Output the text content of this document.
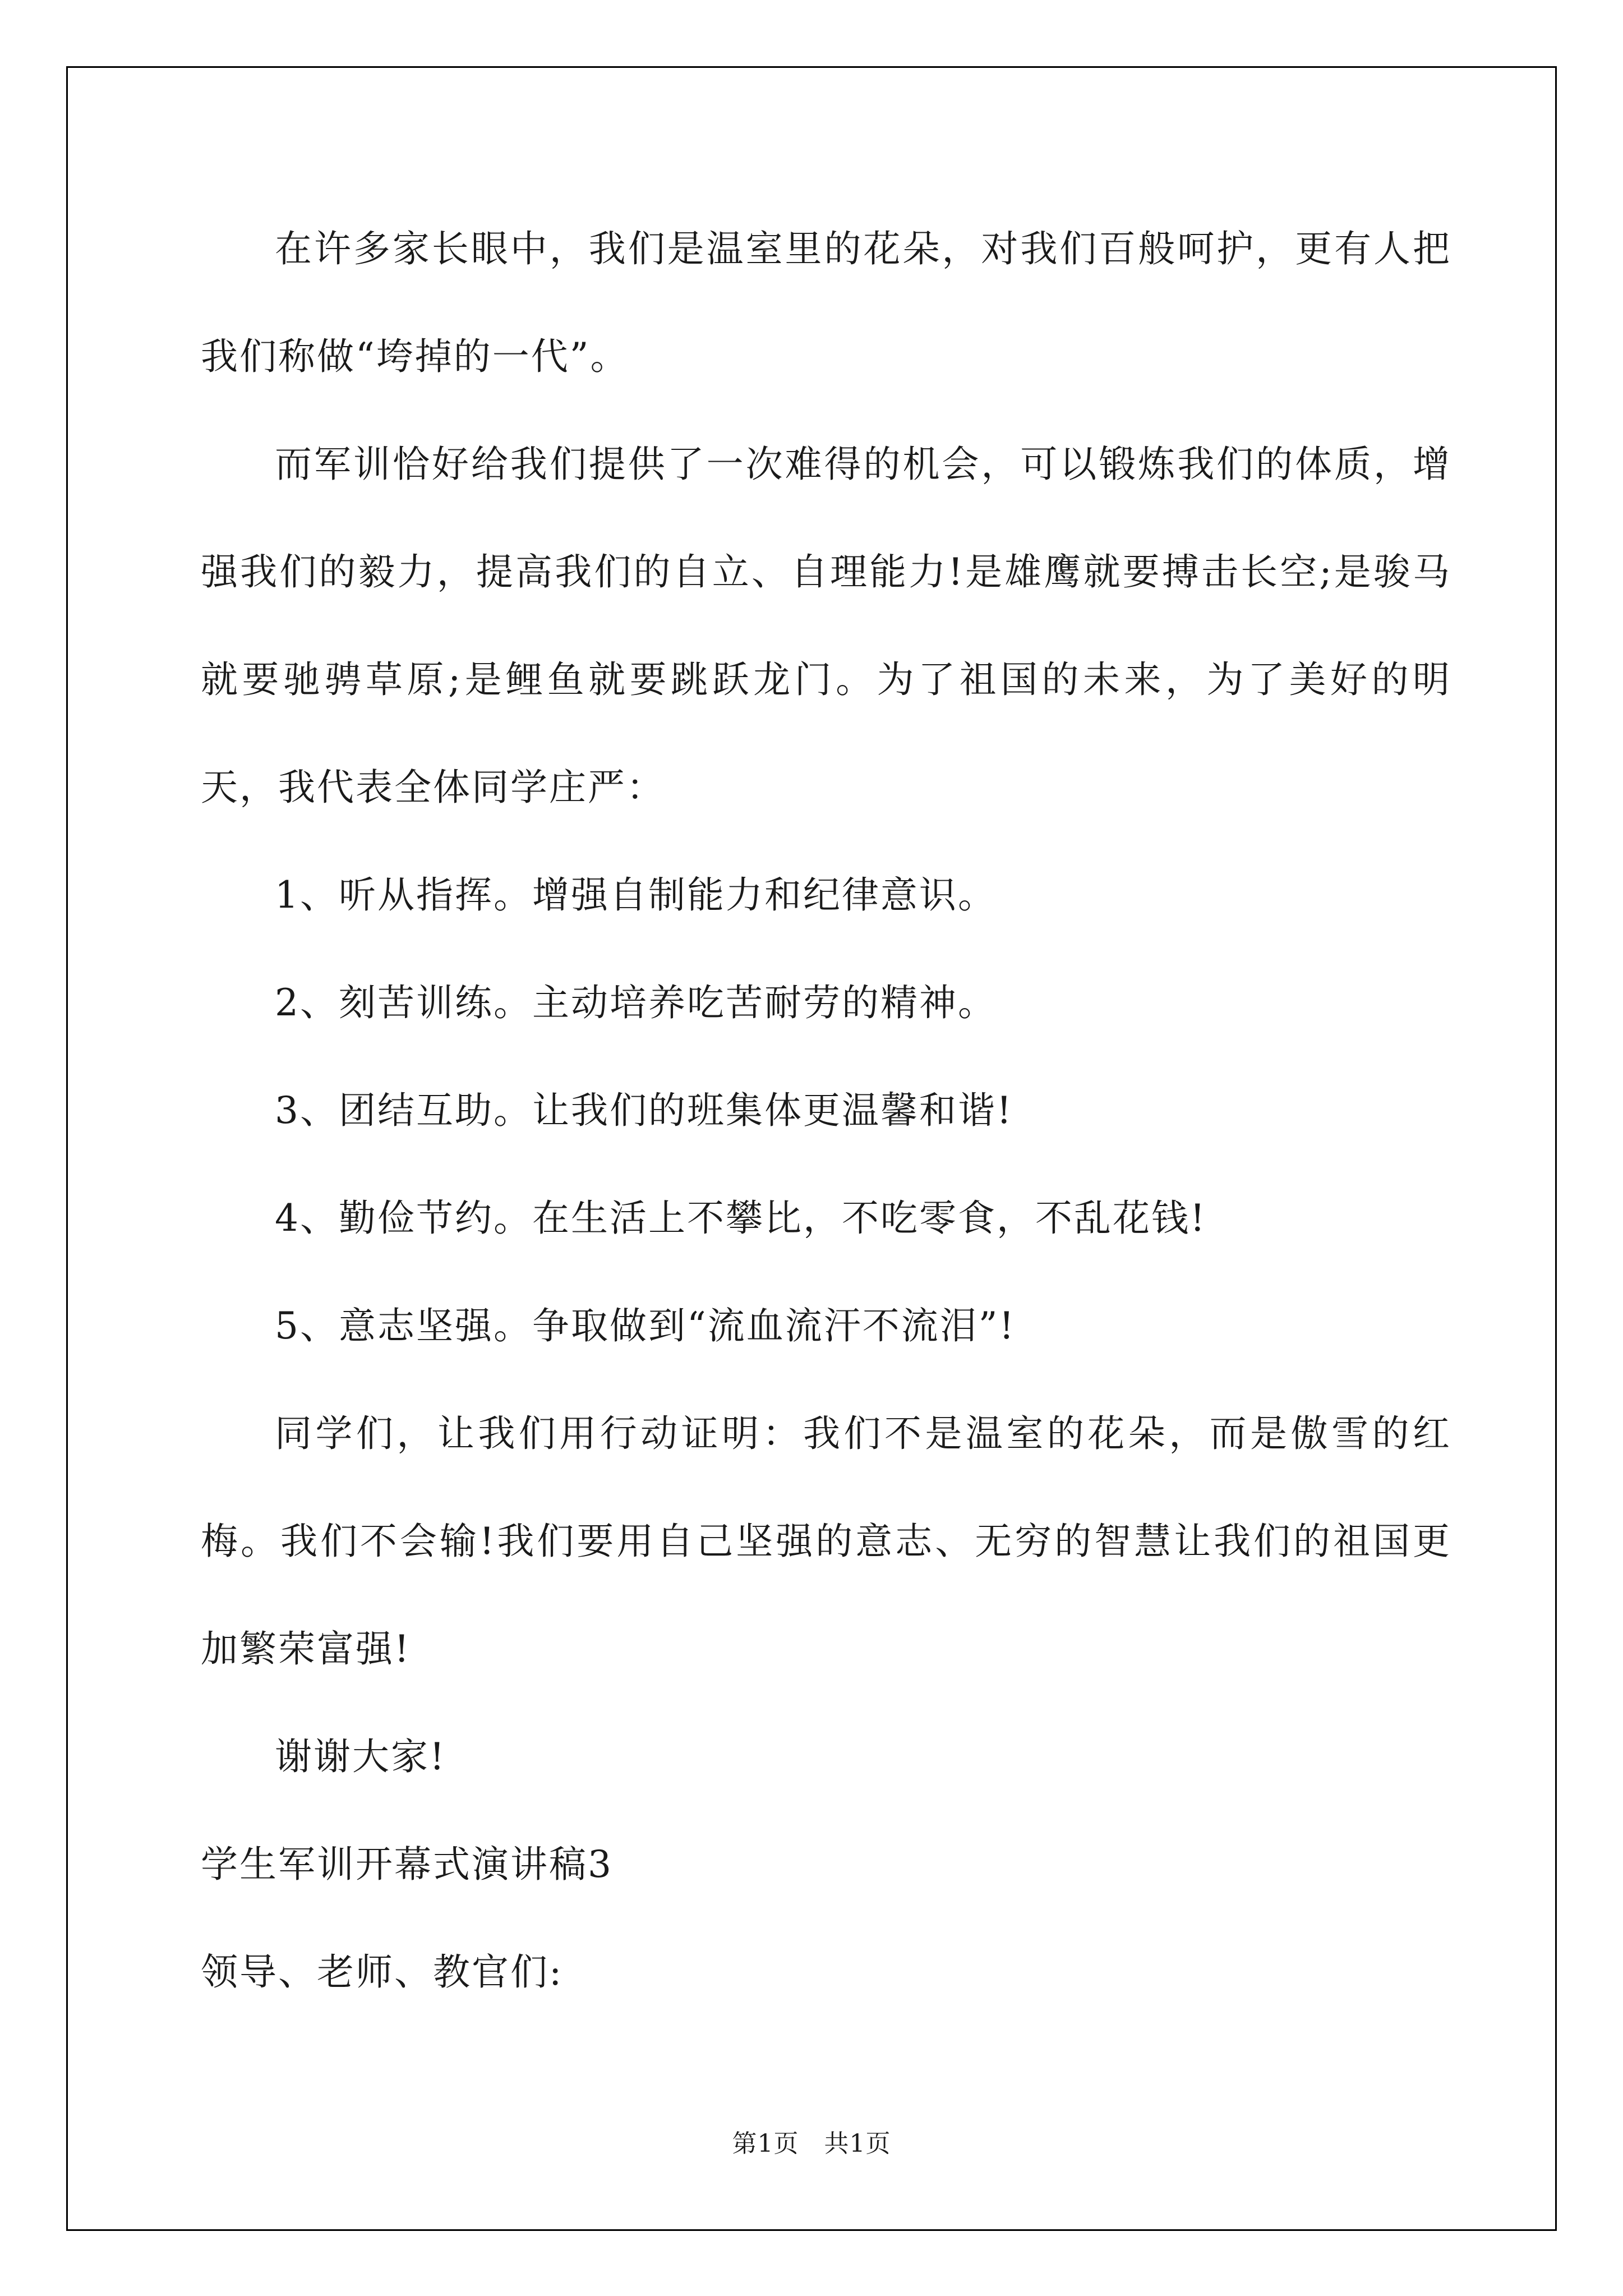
在许多家长眼中，我们是温室里的花朵，对我们百般呵护，更有人把我们称做“垮掉的一代”。

而军训恰好给我们提供了一次难得的机会，可以锻炼我们的体质，增强我们的毅力，提高我们的自立、自理能力!是雄鹰就要搏击长空;是骏马就要驰骋草原;是鲤鱼就要跳跃龙门。为了祖国的未来，为了美好的明天，我代表全体同学庄严：

1、听从指挥。增强自制能力和纪律意识。

2、刻苦训练。主动培养吃苦耐劳的精神。

3、团结互助。让我们的班集体更温馨和谐!

4、勤俭节约。在生活上不攀比，不吃零食，不乱花钱!

5、意志坚强。争取做到“流血流汗不流泪”!

同学们，让我们用行动证明：我们不是温室的花朵，而是傲雪的红梅。我们不会输!我们要用自己坚强的意志、无穷的智慧让我们的祖国更加繁荣富强!

谢谢大家!

学生军训开幕式演讲稿3

领导、老师、教官们:

第1页　共1页
